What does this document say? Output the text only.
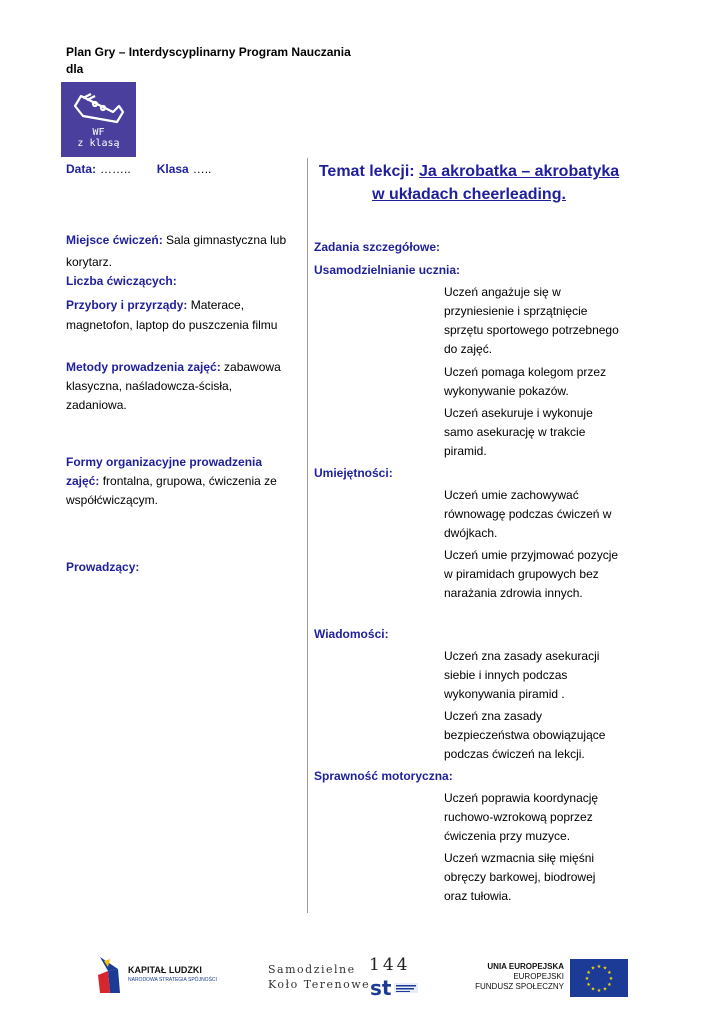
Plan Gry – Interdyscyplinarny Program Nauczania
dla
WF
z klasą
Data: …….. Klasa …..
Miejsce ćwiczeń: Sala gimnastyczna lub korytarz.
Liczba ćwiczących:
Przybory i przyrządy: Materace, magnetofon, laptop do puszczenia filmu
Metody prowadzenia zajęć: zabawowa klasyczna, naśladowcza-ścisła, zadaniowa.
Formy organizacyjne prowadzenia zajęć: frontalna, grupowa, ćwiczenia ze współćwiczącym.
Prowadzący:
Temat lekcji: Ja akrobatka – akrobatyka w układach cheerleading.
Zadania szczegółowe:
Usamodzielnianie ucznia:
Uczeń angażuje się w przyniesienie i sprzątnięcie sprzętu sportowego potrzebnego do zajęć.
Uczeń pomaga kolegom przez wykonywanie pokazów.
Uczeń asekuruje i wykonuje samo asekurację w trakcie piramid.
Umiejętności:
Uczeń umie zachowywać równowagę podczas ćwiczeń w dwójkach.
Uczeń umie przyjmować pozycje w piramidach grupowych bez narażania zdrowia innych.
Wiadomości:
Uczeń zna zasady asekuracji siebie i innych podczas wykonywania piramid .
Uczeń zna zasady bezpieczeństwa obowiązujące podczas ćwiczeń na lekcji.
Sprawność motoryczna:
Uczeń poprawia koordynację ruchowo-wzrokową poprzez ćwiczenia przy muzyce.
Uczeń wzmacnia siłę mięśni obręczy barkowej, biodrowej oraz tułowia.
KAPITAŁ LUDZKI
NARODOWA STRATEGIA SPÓJNOŚCI
Samodzielne
Koło Terenowe
144
st
UNIA EUROPEJSKA
EUROPEJSKI
FUNDUSZ SPOŁECZNY
★ ★
★
★
★
★
★
★
★
★
★
★
